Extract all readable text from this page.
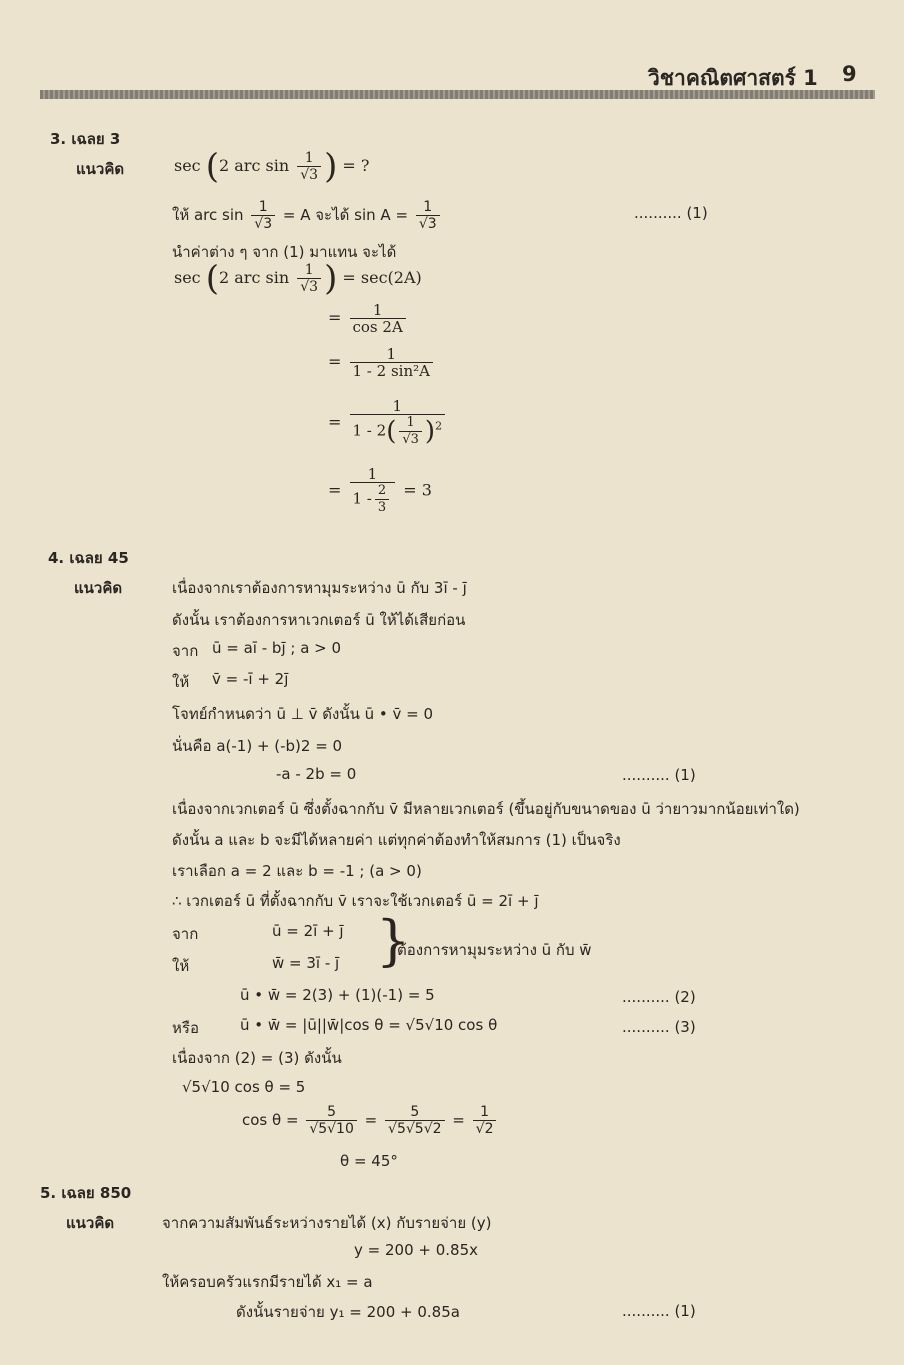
วิชาคณิตศาสตร์ 1 9
3. เฉลย 3
แนวคิด	sec (2 arc $\sin \frac{1}{√3}$ ) = ?
ให้ arc $\sin \frac{1}{√3} = A$ จะได้ $\sin A = \frac{1}{√3}$	.......... (1)
นำค่าต่าง ๆ จาก (1) มาแทน จะได้
sec (2 arc $\sin \frac{1}{√3}$ ) = sec(2A)
= $\frac{1}{\cos 2A}$
= $\frac{1}{\text{1 - 2 sin²A}}$
= $\frac{1}{1 - 2( \frac{1}{√3} )^2}$
= $\frac{1}{1 - \frac{2}{3}} = 3$
4. เฉลย 45
แนวคิด	เนื่องจากเราต้องการหามุมระหว่าง ū กับ 3ī - j̄
ดังนั้น เราต้องการหาเวกเตอร์ ū ให้ได้เสียก่อน
จาก ū = aī - bj̄ ; a > 0
ให้ v̄ = -ī + 2j̄
โจทย์กำหนดว่า ū ⊥ v̄ ดังนั้น ū • v̄ = 0
นั่นคือ a(-1) + (-b)2 = 0
-a - 2b = 0	.......... (1)
เนื่องจากเวกเตอร์ ū ซึ่งตั้งฉากกับ v̄ มีหลายเวกเตอร์ (ขึ้นอยู่กับขนาดของ ū ว่ายาวมากน้อยเท่าใด)
ดังนั้น a และ b จะมีได้หลายค่า แต่ทุกค่าต้องทำให้สมการ (1) เป็นจริง
เราเลือก a = 2 และ b = -1 ; (a > 0)
∴ เวกเตอร์ ū ที่ตั้งฉากกับ v̄ เราจะใช้เวกเตอร์ ū = 2ī + j̄
จาก	ū = 2ī + j̄
ให้	w̄ = 3ī - j̄ }
ต้องการหามุมระหว่าง ū กับ w̄
ū • w̄ = 2(3) + (1)(-1) = 5	.......... (2)
หรือ	ū • w̄ = |ū||w̄|cos θ = √5√10 cos θ	.......... (3)
เนื่องจาก (2) = (3) ดังนั้น
√5√10 cos θ = 5
$\cos \theta = \frac{5}{√5√10} = \frac{5}{√5√5√2} = \frac{1}{√2}$
θ = 45°
5. เฉลย 850
แนวคิด	จากความสัมพันธ์ระหว่างรายได้ (x) กับรายจ่าย (y)
y = 200 + 0.85x
ให้ครอบครัวแรกมีรายได้ x₁ = a
ดังนั้นรายจ่าย y₁ = 200 + 0.85a	.......... (1)
